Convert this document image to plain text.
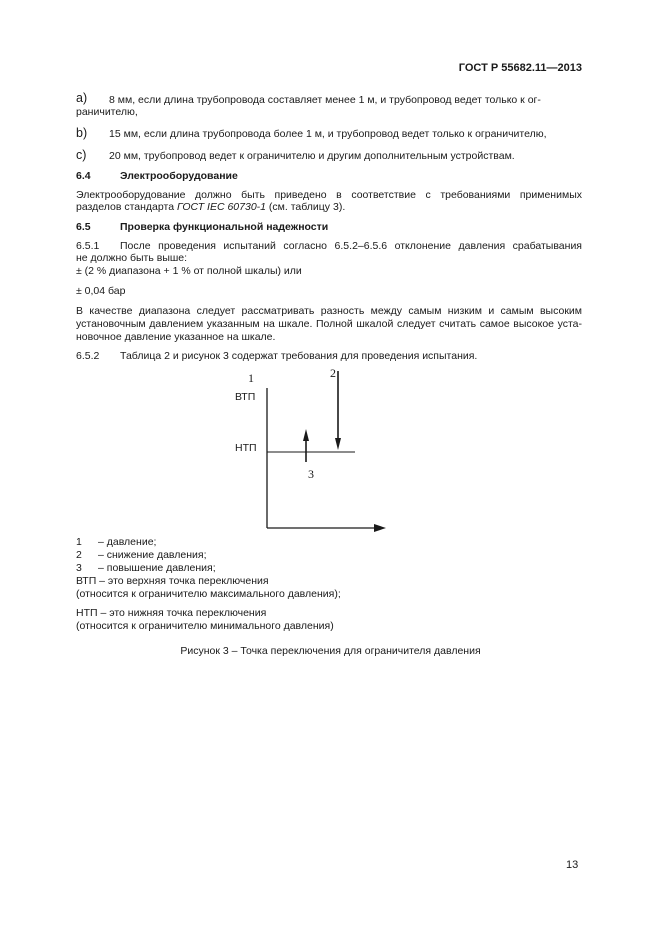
ГОСТ Р 55682.11—2013
a) 8 мм, если длина трубопровода составляет менее 1 м, и трубопровод ведет только к ог-
раничителю,
b) 15 мм, если длина трубопровода более 1 м, и трубопровод ведет только к ограничителю,
c) 20 мм, трубопровод ведет к ограничителю и другим дополнительным устройствам.
6.4	Электрооборудование
Электрооборудование должно быть приведено в соответствие с требованиями применимых
разделов стандарта ГОСТ IEC 60730-1 (см. таблицу 3).
6.5	Проверка функциональной надежности
6.5.1 После проведения испытаний согласно 6.5.2–6.5.6 отклонение давления срабатывания
не должно быть выше:
± (2 % диапазона + 1 % от полной шкалы) или
± 0,04 бар
В качестве диапазона следует рассматривать разность между самым низким и самым высоким
установочным давлением указанным на шкале. Полной шкалой следует считать самое высокое уста-
новочное давление указанное на шкале.
6.5.2 Таблица 2 и рисунок 3 содержат требования для проведения испытания.
1	2
3
ВТП
НТП
1 – давление;
2 – снижение давления;
3 – повышение давления;
ВТП – это верхняя точка переключения
(относится к ограничителю максимального давления);
НТП – это нижняя точка переключения
(относится к ограничителю минимального давления)
Рисунок 3 – Точка переключения для ограничителя давления
13
